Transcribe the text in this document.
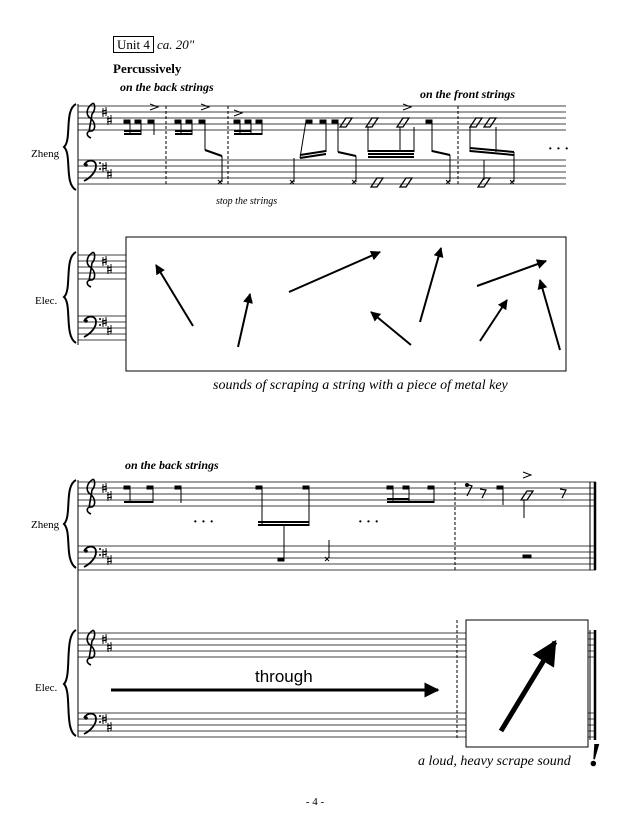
Unit 4 ca. 20"
Percussively
on the back strings	on the front strings
stop the strings
Zheng
Elec.
· · ·
sounds of scraping a string with a piece of metal key
on the back strings
Zheng
Elec.
· · ·	· · ·
through
a loud, heavy scrape sound !
- 4 -
